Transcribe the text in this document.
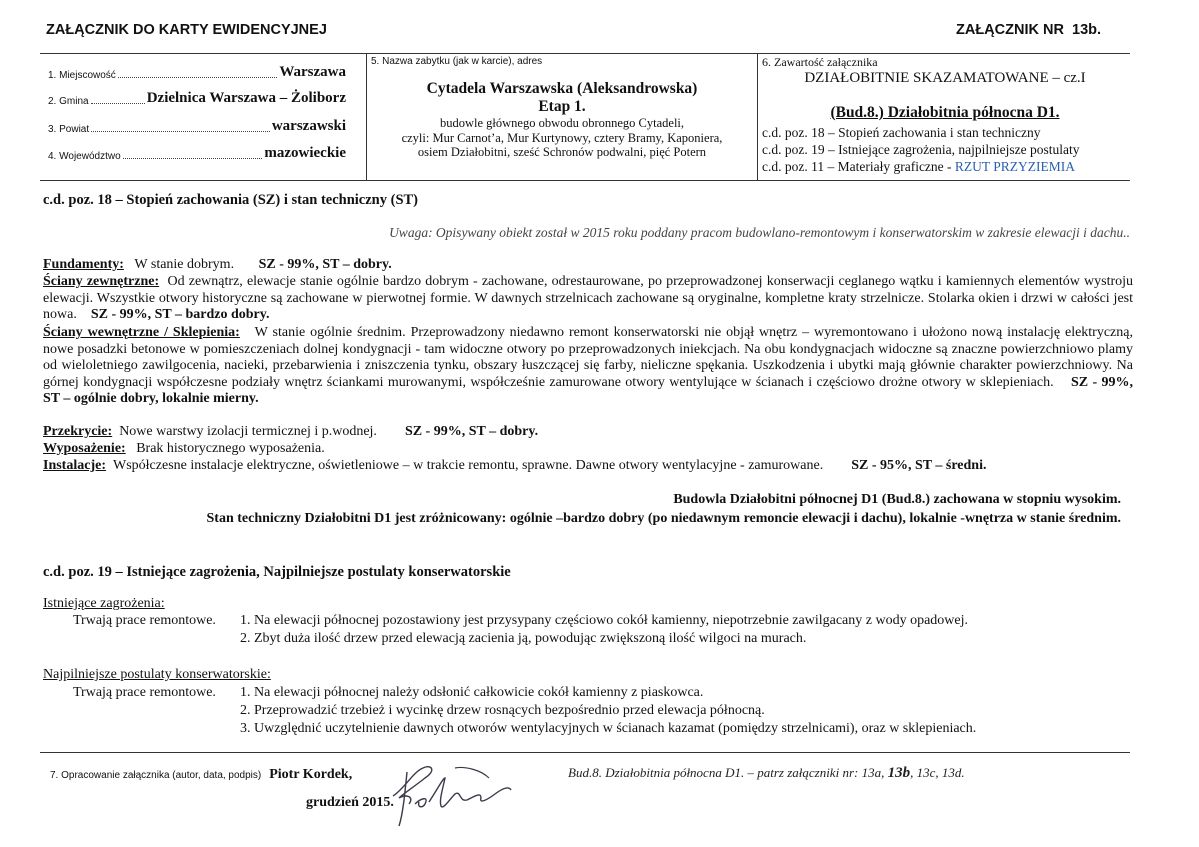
ZAŁĄCZNIK DO KARTY EWIDENCYJNEJ	ZAŁĄCZNIK NR 13b.
1. Miejscowość	Warszawa
2. Gmina	Dzielnica Warszawa – Żoliborz
3. Powiat	warszawski
4. Województwo	mazowieckie
5. Nazwa zabytku (jak w karcie), adres
Cytadela Warszawska (Aleksandrowska)
Etap 1.
budowle głównego obwodu obronnego Cytadeli,
czyli: Mur Carnot’a, Mur Kurtynowy, cztery Bramy, Kaponiera,
osiem Działobitni, sześć Schronów podwalni, pięć Potern
6. Zawartość załącznika
DZIAŁOBITNIE SKAZAMATOWANE – cz.I
(Bud.8.) Działobitnia północna D1.
c.d. poz. 18 – Stopień zachowania i stan techniczny
c.d. poz. 19 – Istniejące zagrożenia, najpilniejsze postulaty
c.d. poz. 11 – Materiały graficzne - RZUT PRZYZIEMIA
c.d. poz. 18 – Stopień zachowania (SZ) i stan techniczny (ST)
Uwaga: Opisywany obiekt został w 2015 roku poddany pracom budowlano-remontowym i konserwatorskim w zakresie elewacji i dachu..
Fundamenty: W stanie dobrym. SZ - 99%, ST – dobry.
Ściany zewnętrzne: Od zewnątrz, elewacje stanie ogólnie bardzo dobrym - zachowane, odrestaurowane, po przeprowadzonej konserwacji ceglanego wątku i kamiennych elementów wystroju elewacji. Wszystkie otwory historyczne są zachowane w pierwotnej formie. W dawnych strzelnicach zachowane są oryginalne, kompletne kraty strzelnicze. Stolarka okien i drzwi w całości jest nowa. SZ - 99%, ST – bardzo dobry.
Ściany wewnętrzne / Sklepienia: W stanie ogólnie średnim. Przeprowadzony niedawno remont konserwatorski nie objął wnętrz – wyremontowano i ułożono nową instalację elektryczną, nowe posadzki betonowe w pomieszczeniach dolnej kondygnacji - tam widoczne otwory po przeprowadzonych iniekcjach. Na obu kondygnacjach widoczne są znaczne powierzchniowo plamy od wieloletniego zawilgocenia, nacieki, przebarwienia i zniszczenia tynku, obszary łuszczącej się farby, nieliczne spękania. Uszkodzenia i ubytki mają głównie charakter powierzchniowy. Na górnej kondygnacji współczesne podziały wnętrz ściankami murowanymi, współcześnie zamurowane otwory wentylujące w ścianach i częściowo drożne otwory w sklepieniach. SZ - 99%, ST – ogólnie dobry, lokalnie mierny.
Przekrycie: Nowe warstwy izolacji termicznej i p.wodnej. SZ - 99%, ST – dobry.
Wyposażenie: Brak historycznego wyposażenia.
Instalacje: Współczesne instalacje elektryczne, oświetleniowe – w trakcie remontu, sprawne. Dawne otwory wentylacyjne - zamurowane. SZ - 95%, ST – średni.
Budowla Działobitni północnej D1 (Bud.8.) zachowana w stopniu wysokim.
Stan techniczny Działobitni D1 jest zróżnicowany: ogólnie –bardzo dobry (po niedawnym remoncie elewacji i dachu), lokalnie -wnętrza w stanie średnim.
c.d. poz. 19 – Istniejące zagrożenia, Najpilniejsze postulaty konserwatorskie
Istniejące zagrożenia:
Trwają prace remontowe. 1. Na elewacji północnej pozostawiony jest przysypany częściowo cokół kamienny, niepotrzebnie zawilgacany z wody opadowej.
2. Zbyt duża ilość drzew przed elewacją zacienia ją, powodując zwiększoną ilość wilgoci na murach.
Najpilniejsze postulaty konserwatorskie:
Trwają prace remontowe. 1. Na elewacji północnej należy odsłonić całkowicie cokół kamienny z piaskowca.
2. Przeprowadzić trzebież i wycinkę drzew rosnących bezpośrednio przed elewacja północną.
3. Uwzględnić uczytelnienie dawnych otworów wentylacyjnych w ścianach kazamat (pomiędzy strzelnicami), oraz w sklepieniach.
7. Opracowanie załącznika (autor, data, podpis) Piotr Kordek,
grudzień 2015.
Bud.8. Działobitnia północna D1. – patrz załączniki nr: 13a, 13b, 13c, 13d.
